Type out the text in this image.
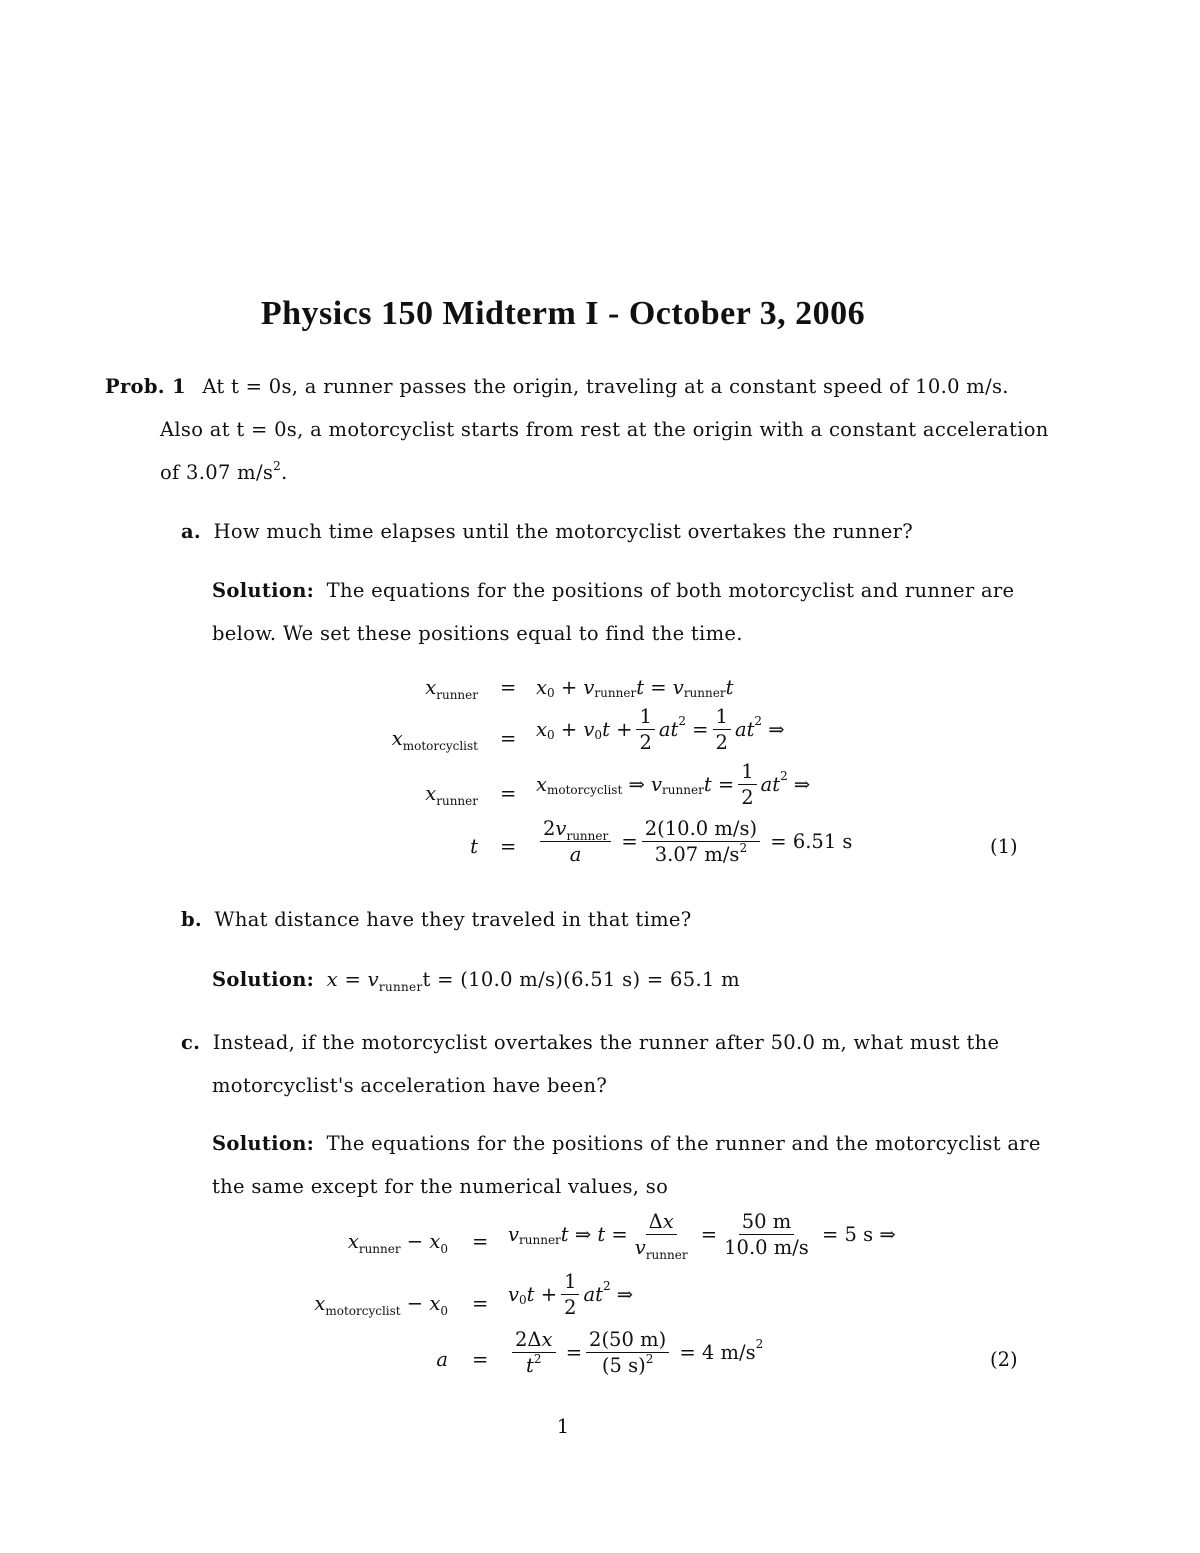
Physics 150 Midterm I - October 3, 2006
Prob. 1 At t = 0s, a runner passes the origin, traveling at a constant speed of 10.0 m/s.
Also at t = 0s, a motorcyclist starts from rest at the origin with a constant acceleration
of 3.07 $m/s^2$.
a. How much time elapses until the motorcyclist overtakes the runner?
Solution: The equations for the positions of both motorcyclist and runner are
below. We set these positions equal to find the time.
$x_{runner} = x$ 0 + v runner t = v runner t
$x_{motorcyclist} = x$ 0 + v 0 $t + \frac{1}{2}$ at $2 = \frac{1}{2}$ at 2 ⇒
$x_{runner} = x$ motorcyclist ⇒ v runner $t = \frac{1}{2}$ at 2 ⇒
$t = \frac{2v_{runner}}{a} = \frac{2(10.0 m/s)}{3.07 m/s^2} = 6.51$ s	(1)
b. What distance have they traveled in that time?
Solution: $x = v_{runner}t = (10.0$ m/s)(6.51 s) = 65.1 m
c. Instead, if the motorcyclist overtakes the runner after 50.0 m, what must the
motorcyclist's acceleration have been?
Solution: The equations for the positions of the runner and the motorcyclist are
the same except for the numerical values, so
$x_{runner} - x_0 = v$ runner t ⇒ $t = \frac{\Delta x}{v_{runner}} = \frac{50 m}{10.0 m/s} = 5$ s ⇒
$x_{motorcyclist} - x_0 = v$ 0 $t + \frac{1}{2}$ at 2 ⇒
$a = \frac{2\Delta x}{t^2} = \frac{2(50 m)}{(5 s)^2} = 4$ m/s 2
(2)
1
